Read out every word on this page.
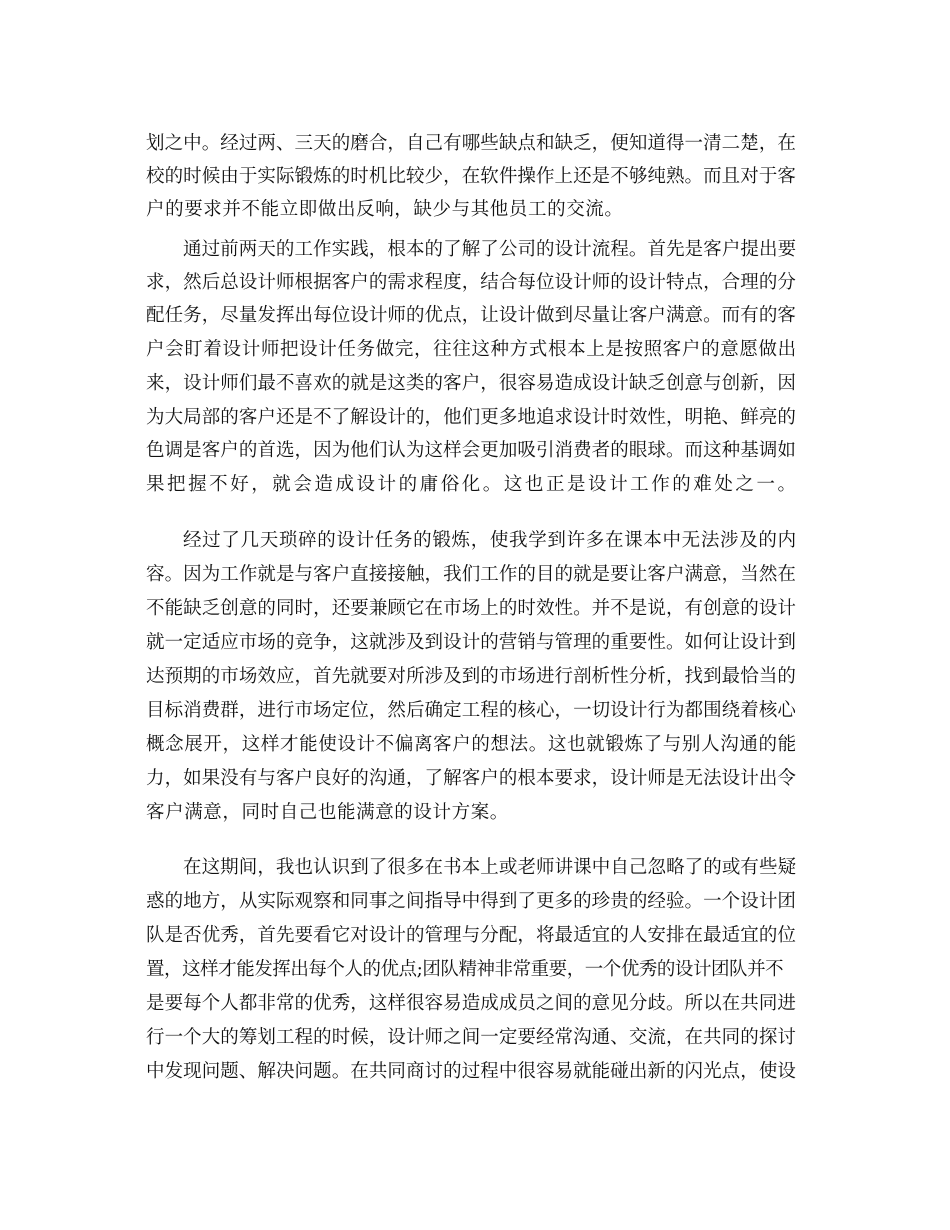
划之中。经过两、三天的磨合，自己有哪些缺点和缺乏，便知道得一清二楚，在

校的时候由于实际锻炼的时机比较少，在软件操作上还是不够纯熟。而且对于客

户的要求并不能立即做出反响，缺少与其他员工的交流。

通过前两天的工作实践，根本的了解了公司的设计流程。首先是客户提出要

求，然后总设计师根据客户的需求程度，结合每位设计师的设计特点，合理的分

配任务，尽量发挥出每位设计师的优点，让设计做到尽量让客户满意。而有的客

户会盯着设计师把设计任务做完，往往这种方式根本上是按照客户的意愿做出

来，设计师们最不喜欢的就是这类的客户，很容易造成设计缺乏创意与创新，因

为大局部的客户还是不了解设计的，他们更多地追求设计时效性，明艳、鲜亮的

色调是客户的首选，因为他们认为这样会更加吸引消费者的眼球。而这种基调如

果把握不好，就会造成设计的庸俗化。这也正是设计工作的难处之一。

经过了几天琐碎的设计任务的锻炼，使我学到许多在课本中无法涉及的内

容。因为工作就是与客户直接接触，我们工作的目的就是要让客户满意，当然在

不能缺乏创意的同时，还要兼顾它在市场上的时效性。并不是说，有创意的设计

就一定适应市场的竞争，这就涉及到设计的营销与管理的重要性。如何让设计到

达预期的市场效应，首先就要对所涉及到的市场进行剖析性分析，找到最恰当的

目标消费群，进行市场定位，然后确定工程的核心，一切设计行为都围绕着核心

概念展开，这样才能使设计不偏离客户的想法。这也就锻炼了与别人沟通的能

力，如果没有与客户良好的沟通，了解客户的根本要求，设计师是无法设计出令

客户满意，同时自己也能满意的设计方案。

在这期间，我也认识到了很多在书本上或老师讲课中自己忽略了的或有些疑

惑的地方，从实际观察和同事之间指导中得到了更多的珍贵的经验。一个设计团

队是否优秀，首先要看它对设计的管理与分配，将最适宜的人安排在最适宜的位

置，这样才能发挥出每个人的优点;团队精神非常重要，一个优秀的设计团队并不

是要每个人都非常的优秀，这样很容易造成成员之间的意见分歧。所以在共同进

行一个大的筹划工程的时候，设计师之间一定要经常沟通、交流，在共同的探讨

中发现问题、解决问题。在共同商讨的过程中很容易就能碰出新的闪光点，使设
